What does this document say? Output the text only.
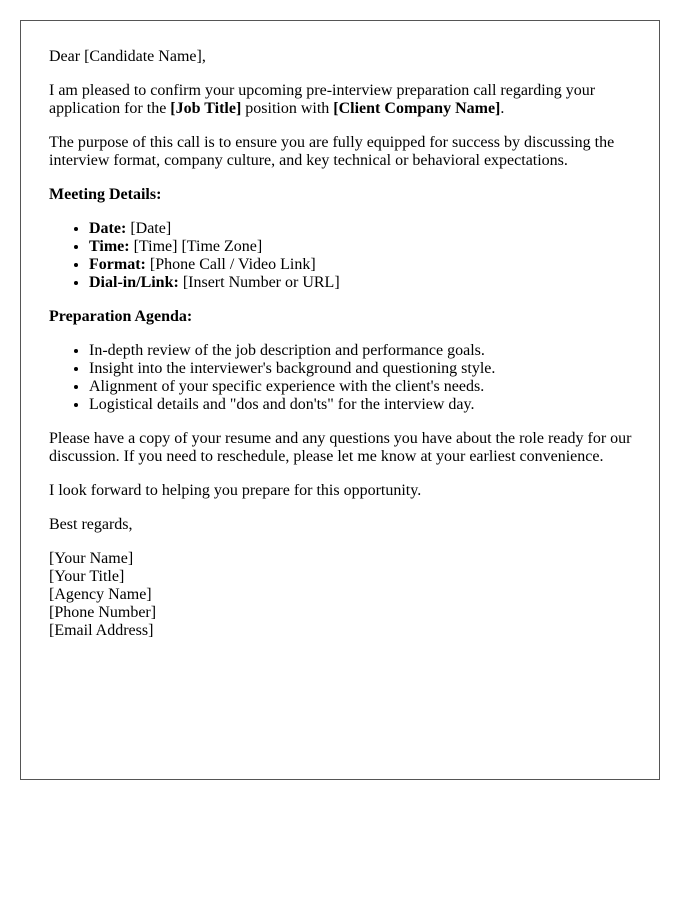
Dear [Candidate Name],

I am pleased to confirm your upcoming pre-interview preparation call regarding your application for the [Job Title] position with [Client Company Name].

The purpose of this call is to ensure you are fully equipped for success by discussing the interview format, company culture, and key technical or behavioral expectations.

Meeting Details:

• Date: [Date]
• Time: [Time] [Time Zone]
• Format: [Phone Call / Video Link]
• Dial-in/Link: [Insert Number or URL]

Preparation Agenda:

• In-depth review of the job description and performance goals.
• Insight into the interviewer's background and questioning style.
• Alignment of your specific experience with the client's needs.
• Logistical details and "dos and don'ts" for the interview day.

Please have a copy of your resume and any questions you have about the role ready for our discussion. If you need to reschedule, please let me know at your earliest convenience.

I look forward to helping you prepare for this opportunity.

Best regards,

[Your Name]

[Your Title]

[Agency Name]

[Phone Number]

[Email Address]
